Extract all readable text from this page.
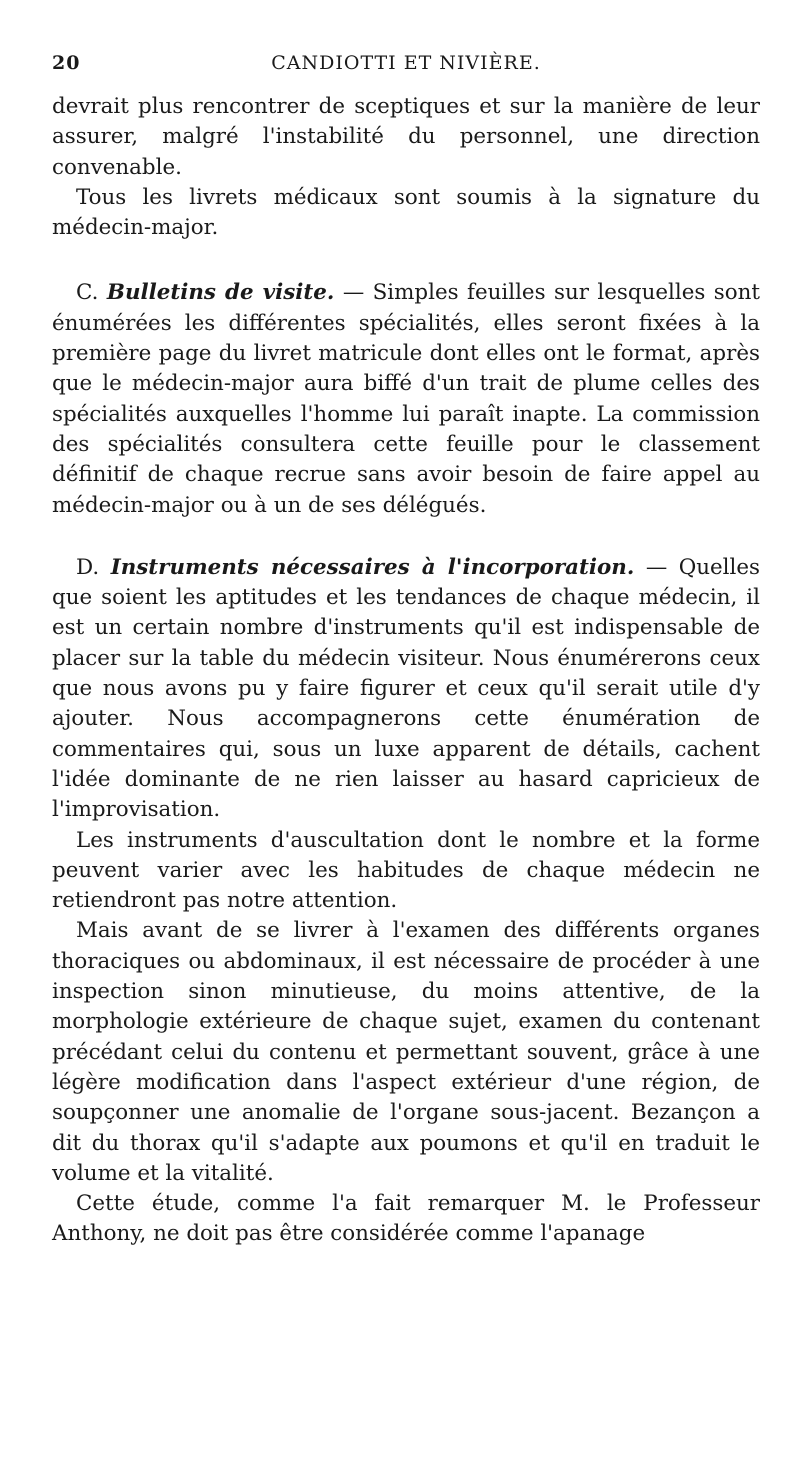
20	CANDIOTTI ET NIVIÈRE.

devrait plus rencontrer de sceptiques et sur la manière de leur assurer, malgré l'instabilité du personnel, une direction convenable.

Tous les livrets médicaux sont soumis à la signature du médecin-major.

C. Bulletins de visite. — Simples feuilles sur lesquelles sont énumérées les différentes spécialités, elles seront fixées à la première page du livret matricule dont elles ont le format, après que le médecin-major aura biffé d'un trait de plume celles des spécialités auxquelles l'homme lui paraît inapte. La commission des spécialités consultera cette feuille pour le classement définitif de chaque recrue sans avoir besoin de faire appel au médecin-major ou à un de ses délégués.

D. Instruments nécessaires à l'incorporation. — Quelles que soient les aptitudes et les tendances de chaque médecin, il est un certain nombre d'instruments qu'il est indispensable de placer sur la table du médecin visiteur. Nous énumérerons ceux que nous avons pu y faire figurer et ceux qu'il serait utile d'y ajouter. Nous accompagnerons cette énumération de commentaires qui, sous un luxe apparent de détails, cachent l'idée dominante de ne rien laisser au hasard capricieux de l'improvisation.

Les instruments d'auscultation dont le nombre et la forme peuvent varier avec les habitudes de chaque médecin ne retiendront pas notre attention.

Mais avant de se livrer à l'examen des différents organes thoraciques ou abdominaux, il est nécessaire de procéder à une inspection sinon minutieuse, du moins attentive, de la morphologie extérieure de chaque sujet, examen du contenant précédant celui du contenu et permettant souvent, grâce à une légère modification dans l'aspect extérieur d'une région, de soupçonner une anomalie de l'organe sous-jacent. Bezançon a dit du thorax qu'il s'adapte aux poumons et qu'il en traduit le volume et la vitalité.

Cette étude, comme l'a fait remarquer M. le Professeur Anthony, ne doit pas être considérée comme l'apanage
